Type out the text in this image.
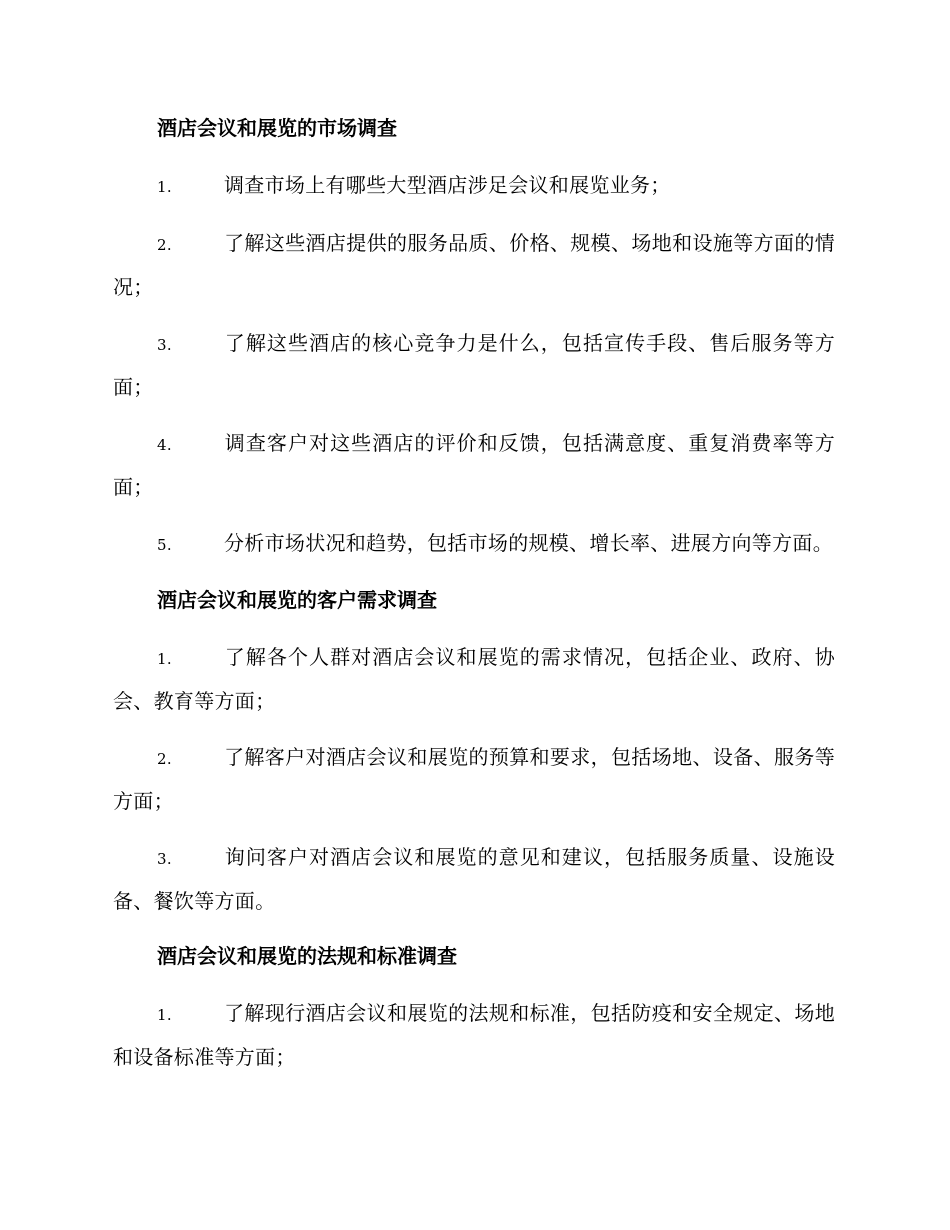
酒店会议和展览的市场调查

1.	调查市场上有哪些大型酒店涉足会议和展览业务；

2.	了解这些酒店提供的服务品质、价格、规模、场地和设施等方面的情况；

3.	了解这些酒店的核心竞争力是什么，包括宣传手段、售后服务等方面；

4.	调查客户对这些酒店的评价和反馈，包括满意度、重复消费率等方面；

5.	分析市场状况和趋势，包括市场的规模、增长率、进展方向等方面。

酒店会议和展览的客户需求调查

1.	了解各个人群对酒店会议和展览的需求情况，包括企业、政府、协会、教育等方面；

2.	了解客户对酒店会议和展览的预算和要求，包括场地、设备、服务等方面；

3.	询问客户对酒店会议和展览的意见和建议，包括服务质量、设施设备、餐饮等方面。

酒店会议和展览的法规和标准调查

1.	了解现行酒店会议和展览的法规和标准，包括防疫和安全规定、场地和设备标准等方面；
